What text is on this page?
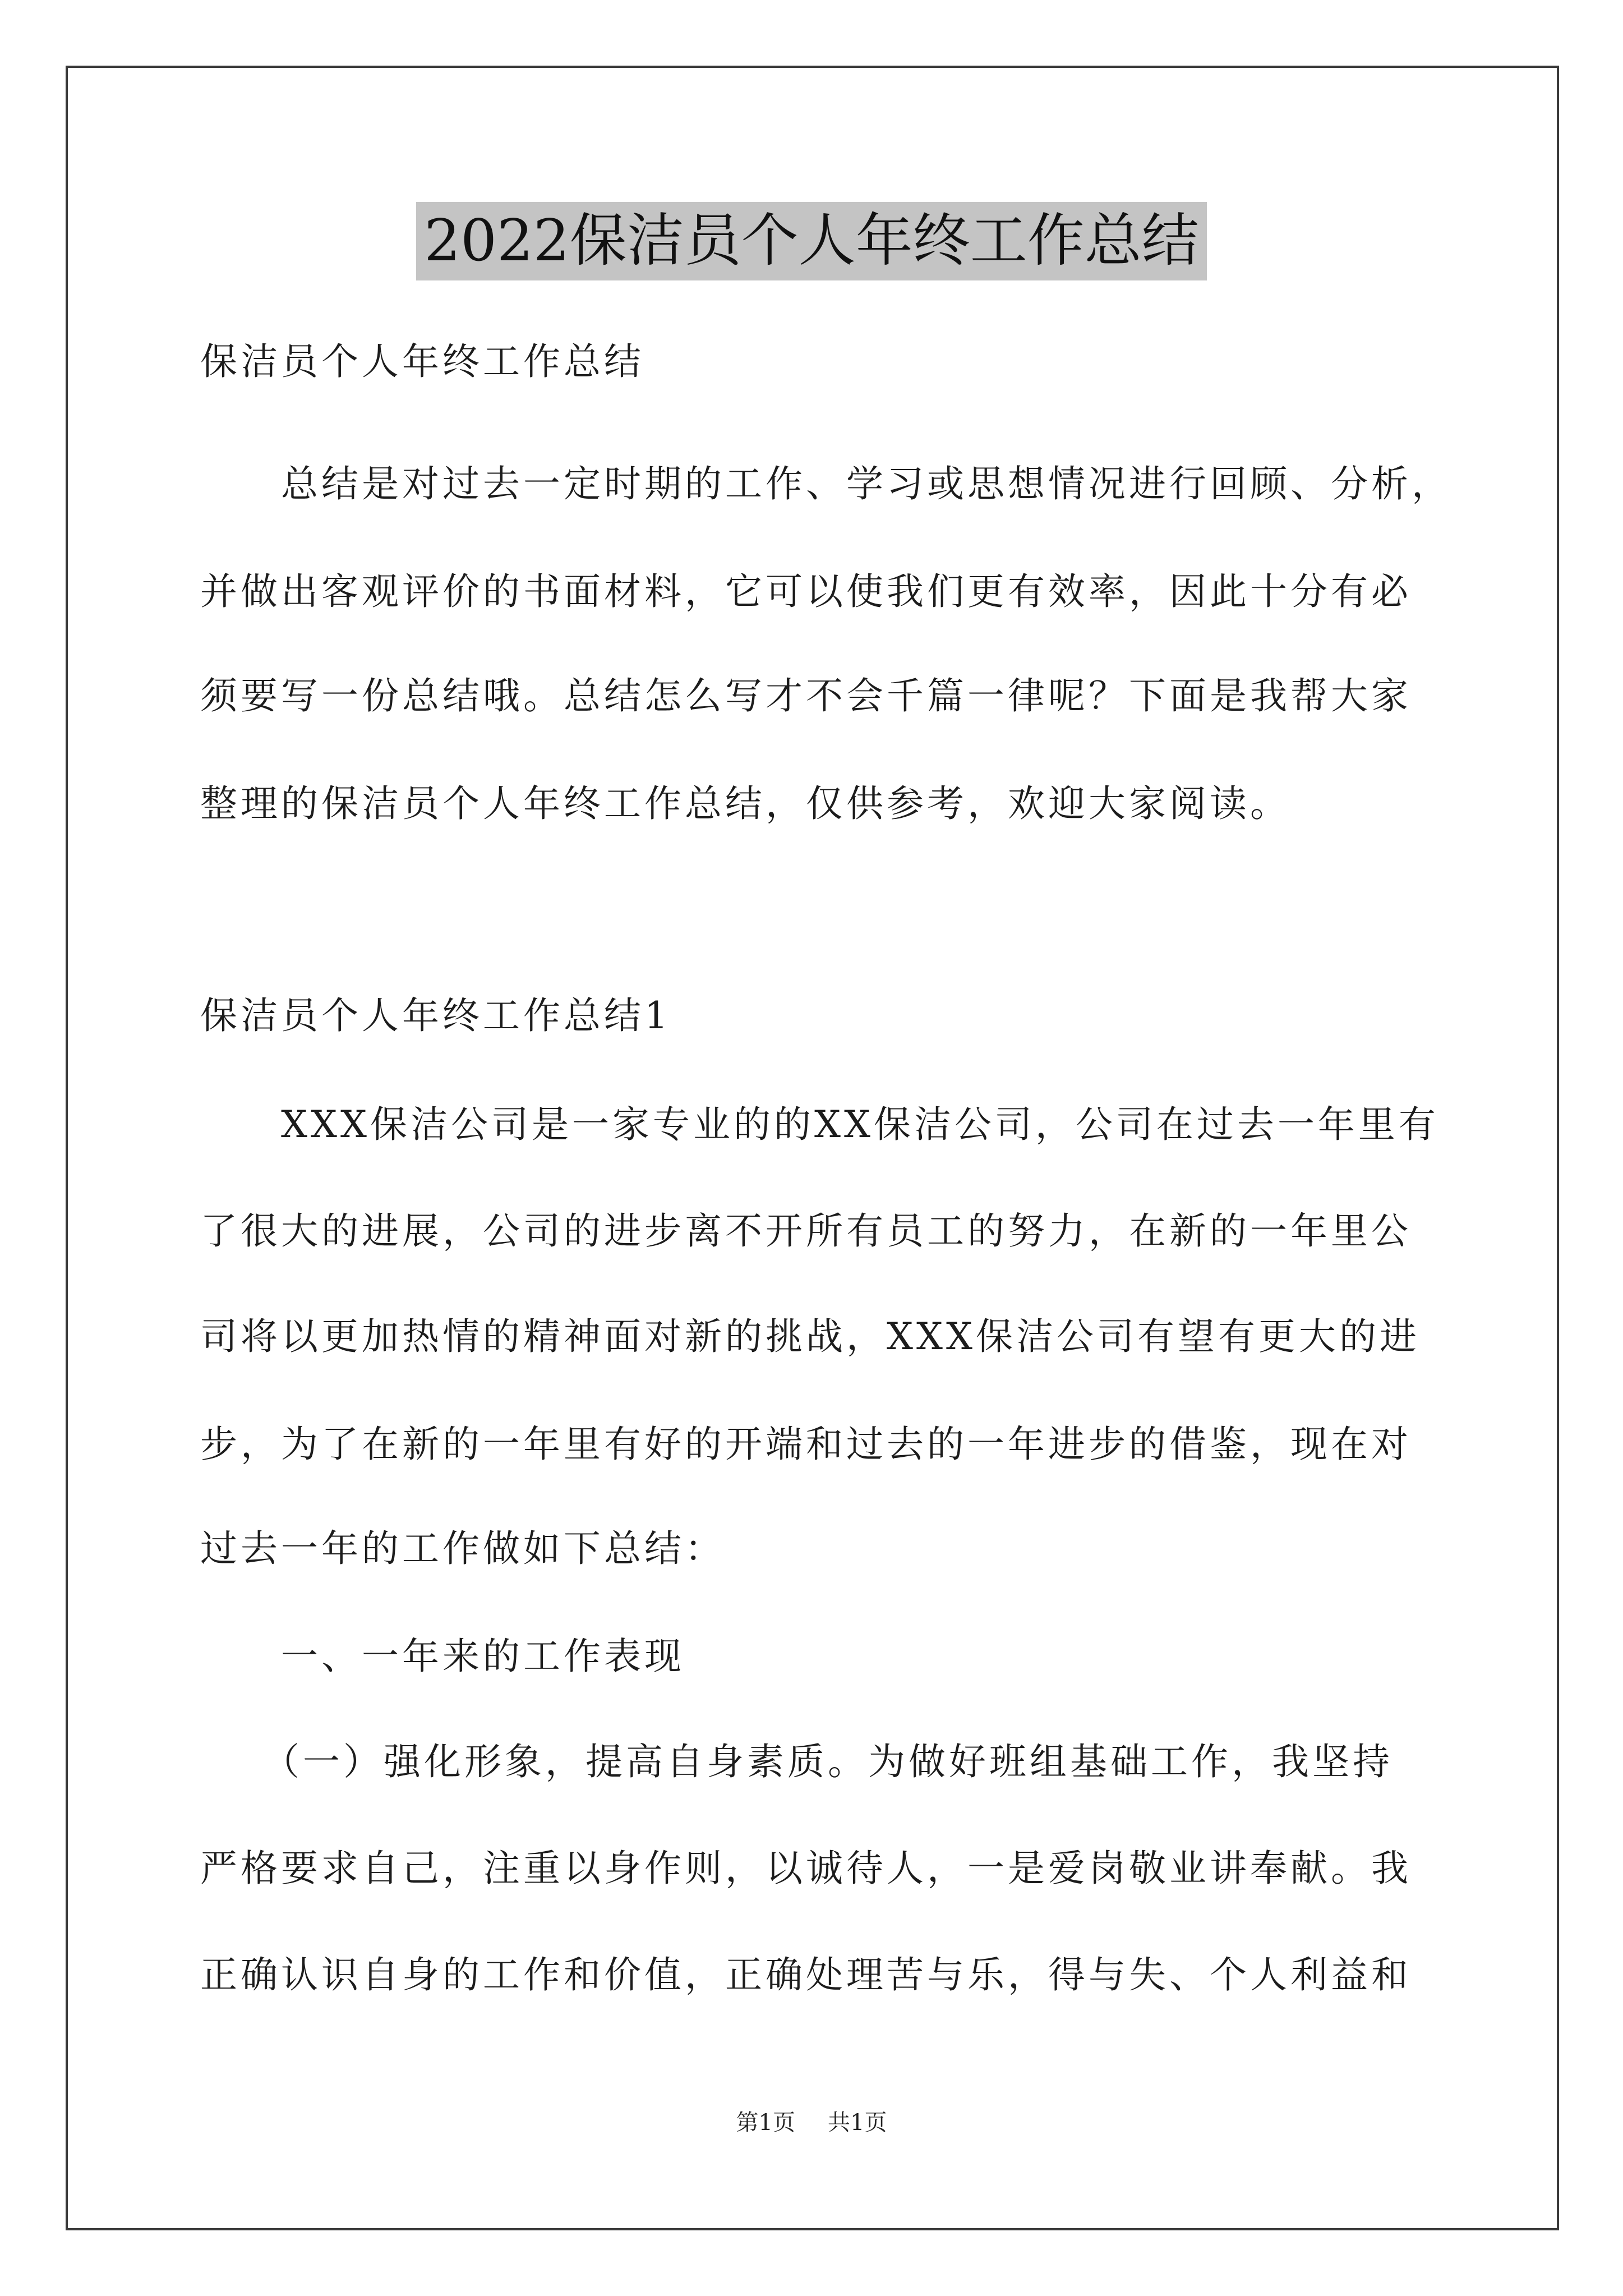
2022保洁员个人年终工作总结
保洁员个人年终工作总结
　　总结是对过去一定时期的工作、学习或思想情况进行回顾、分析，
并做出客观评价的书面材料，它可以使我们更有效率，因此十分有必
须要写一份总结哦。总结怎么写才不会千篇一律呢？下面是我帮大家
整理的保洁员个人年终工作总结，仅供参考，欢迎大家阅读。
保洁员个人年终工作总结1
　　XXX保洁公司是一家专业的的XX保洁公司，公司在过去一年里有
了很大的进展，公司的进步离不开所有员工的努力，在新的一年里公
司将以更加热情的精神面对新的挑战，XXX保洁公司有望有更大的进
步，为了在新的一年里有好的开端和过去的一年进步的借鉴，现在对
过去一年的工作做如下总结：
　　一、一年来的工作表现
　　（一）强化形象，提高自身素质。为做好班组基础工作，我坚持
严格要求自己，注重以身作则，以诚待人，一是爱岗敬业讲奉献。我
正确认识自身的工作和价值，正确处理苦与乐，得与失、个人利益和
第1页 共1页
